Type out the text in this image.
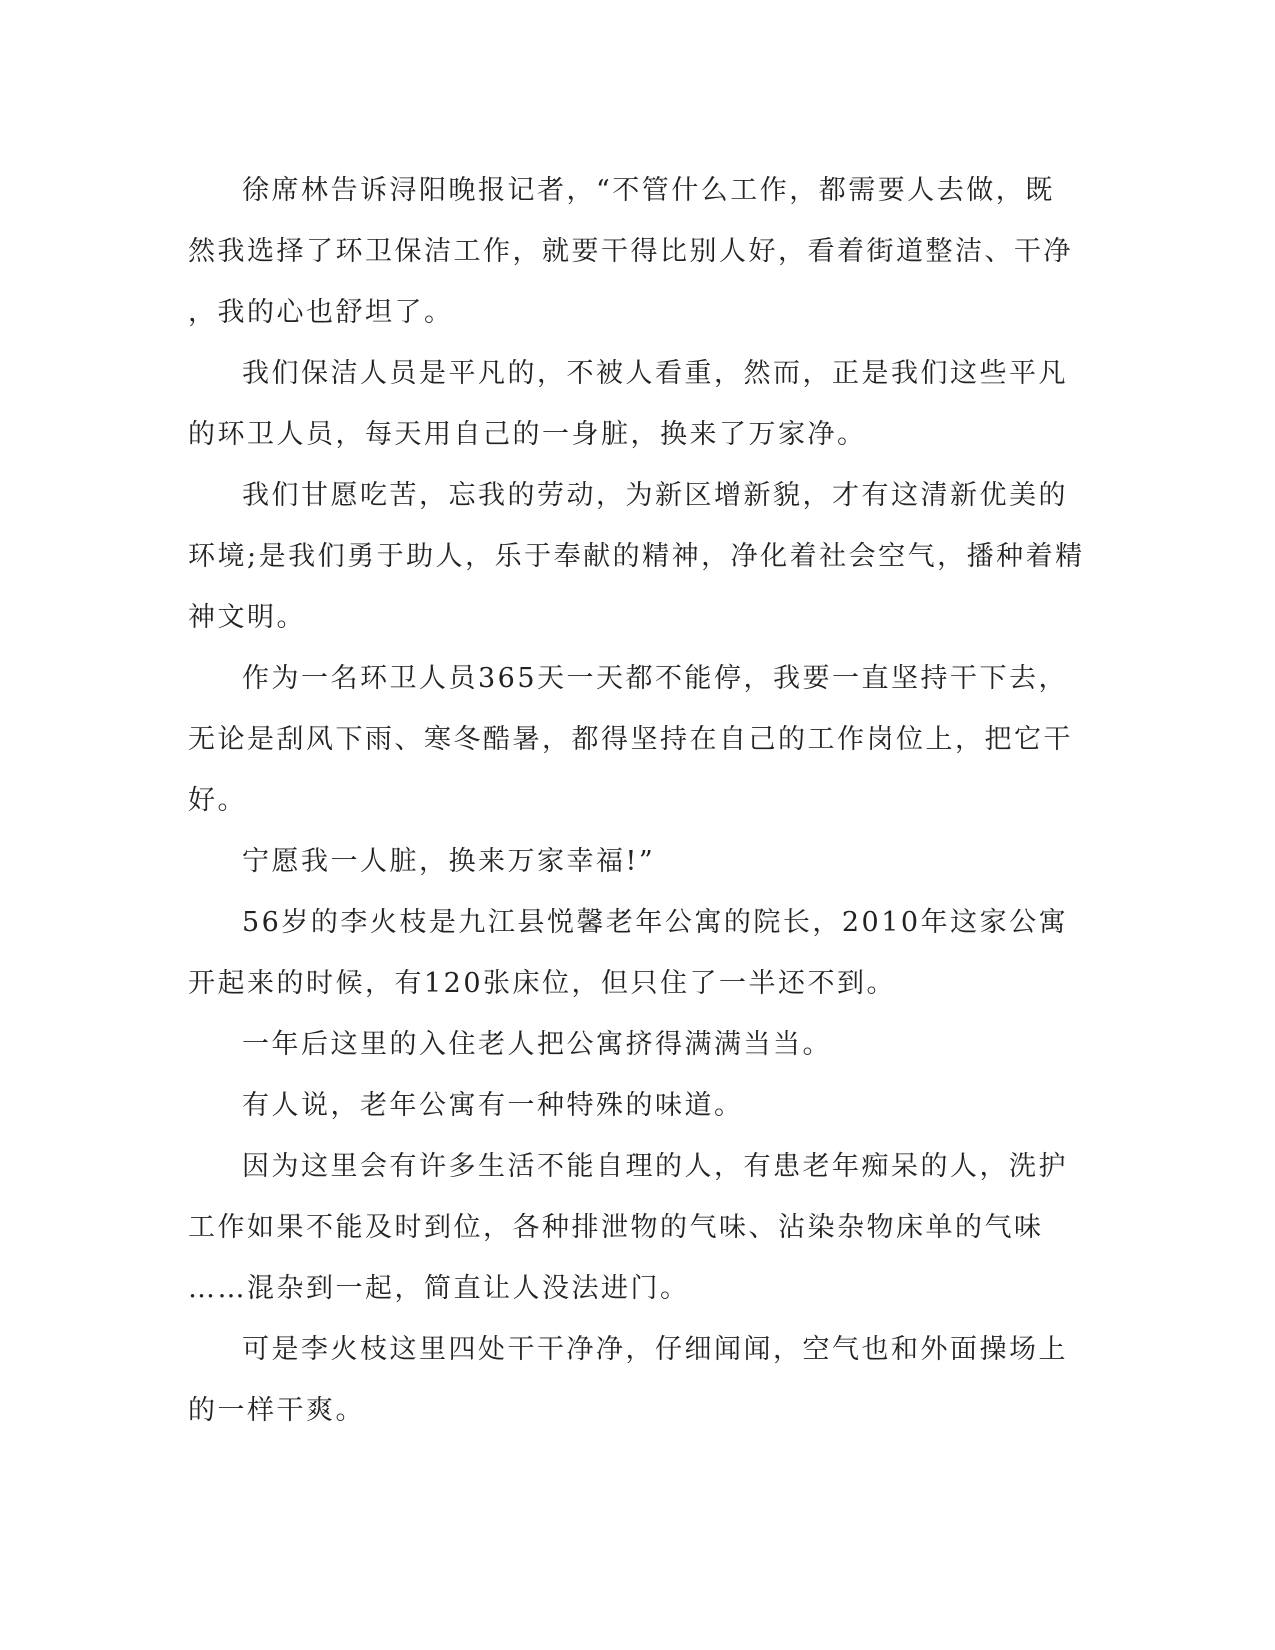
徐席林告诉浔阳晚报记者，“不管什么工作，都需要人去做，既
然我选择了环卫保洁工作，就要干得比别人好，看着街道整洁、干净
，我的心也舒坦了。

我们保洁人员是平凡的，不被人看重，然而，正是我们这些平凡
的环卫人员，每天用自己的一身脏，换来了万家净。

我们甘愿吃苦，忘我的劳动，为新区增新貌，才有这清新优美的
环境;是我们勇于助人，乐于奉献的精神，净化着社会空气，播种着精
神文明。

作为一名环卫人员365天一天都不能停，我要一直坚持干下去，
无论是刮风下雨、寒冬酷暑，都得坚持在自己的工作岗位上，把它干
好。

宁愿我一人脏，换来万家幸福!”

56岁的李火枝是九江县悦馨老年公寓的院长，2010年这家公寓
开起来的时候，有120张床位，但只住了一半还不到。

一年后这里的入住老人把公寓挤得满满当当。

有人说，老年公寓有一种特殊的味道。

因为这里会有许多生活不能自理的人，有患老年痴呆的人，洗护
工作如果不能及时到位，各种排泄物的气味、沾染杂物床单的气味
……混杂到一起，简直让人没法进门。

可是李火枝这里四处干干净净，仔细闻闻，空气也和外面操场上
的一样干爽。
